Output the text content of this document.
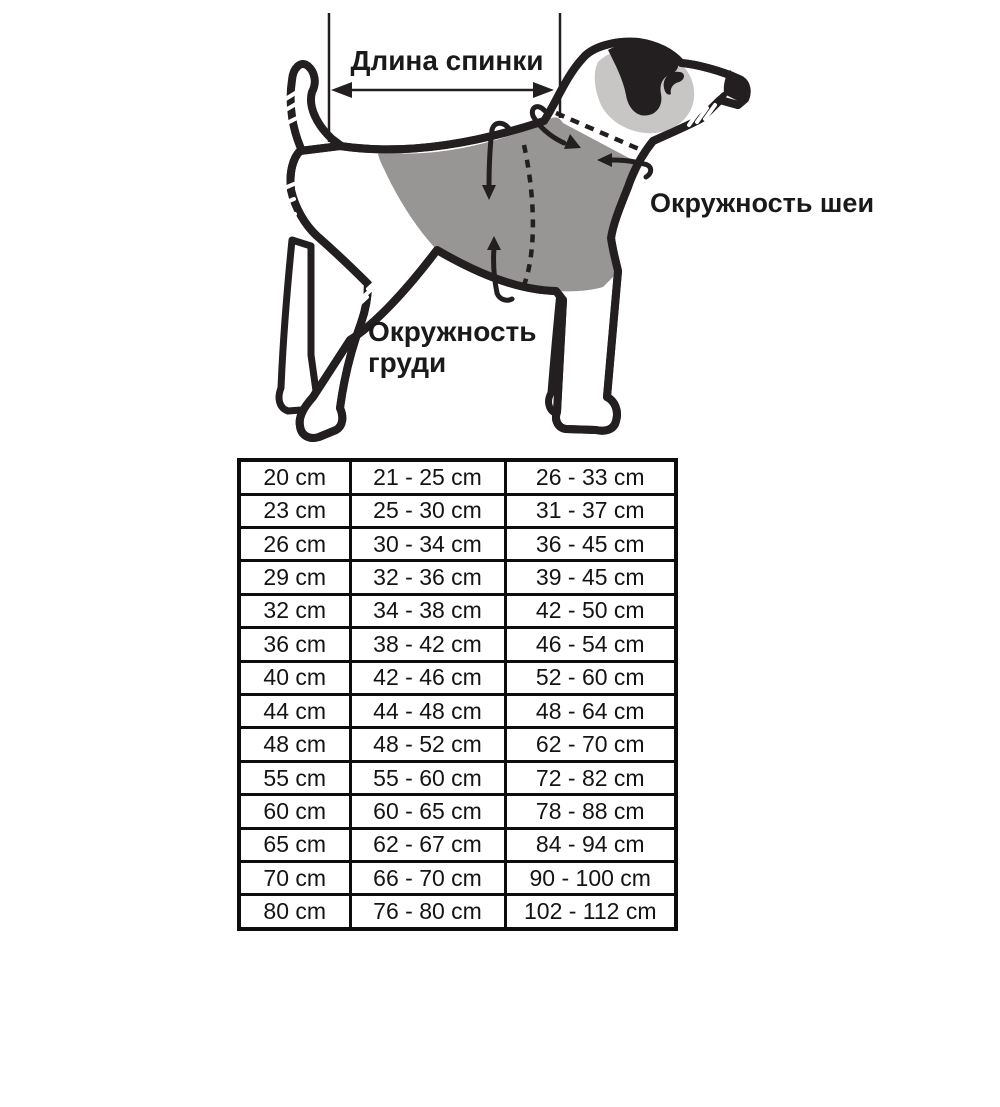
Длина спинки
Окружность шеи
Окружность
груди
20 cm	21 - 25 cm	26 - 33 cm
23 cm	25 - 30 cm	31 - 37 cm
26 cm	30 - 34 cm	36 - 45 cm
29 cm	32 - 36 cm	39 - 45 cm
32 cm	34 - 38 cm	42 - 50 cm
36 cm	38 - 42 cm	46 - 54 cm
40 cm	42 - 46 cm	52 - 60 cm
44 cm	44 - 48 cm	48 - 64 cm
48 cm	48 - 52 cm	62 - 70 cm
55 cm	55 - 60 cm	72 - 82 cm
60 cm	60 - 65 cm	78 - 88 cm
65 cm	62 - 67 cm	84 - 94 cm
70 cm	66 - 70 cm	90 - 100 cm
80 cm	76 - 80 cm	102 - 112 cm
